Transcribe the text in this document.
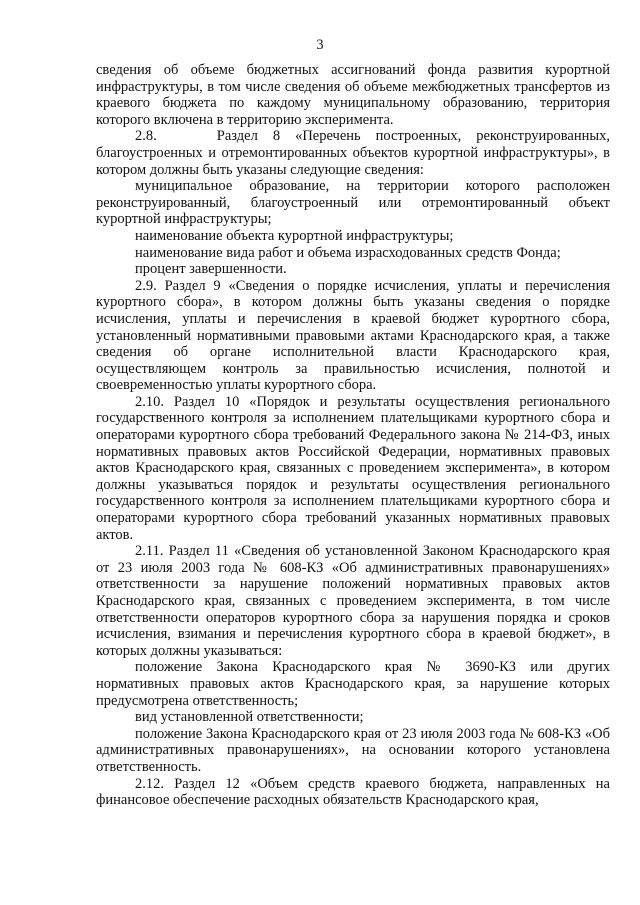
3

сведения об объеме бюджетных ассигнований фонда развития курортной инфраструктуры, в том числе сведения об объеме межбюджетных трансфертов из краевого бюджета по каждому муниципальному образованию, территория которого включена в территорию эксперимента.

2.8.    Раздел 8 «Перечень построенных, реконструированных, благоустроенных и отремонтированных объектов курортной инфраструктуры», в котором должны быть указаны следующие сведения:

муниципальное образование, на территории которого расположен реконструированный, благоустроенный или отремонтированный объект курортной инфраструктуры;

наименование объекта курортной инфраструктуры;

наименование вида работ и объема израсходованных средств Фонда;

процент завершенности.

2.9. Раздел 9 «Сведения о порядке исчисления, уплаты и перечисления курортного сбора», в котором должны быть указаны сведения о порядке исчисления, уплаты и перечисления в краевой бюджет курортного сбора, установленный нормативными правовыми актами Краснодарского края, а также сведения об органе исполнительной власти Краснодарского края, осуществляющем контроль за правильностью исчисления, полнотой и своевременностью уплаты курортного сбора.

2.10. Раздел 10 «Порядок и результаты осуществления регионального государственного контроля за исполнением плательщиками курортного сбора и операторами курортного сбора требований Федерального закона № 214-ФЗ, иных нормативных правовых актов Российской Федерации, нормативных правовых актов Краснодарского края, связанных с проведением эксперимента», в котором должны указываться порядок и результаты осуществления регионального государственного контроля за исполнением плательщиками курортного сбора и операторами курортного сбора требований указанных нормативных правовых актов.

2.11. Раздел 11 «Сведения об установленной Законом Краснодарского края от 23 июля 2003 года № 608-КЗ «Об административных правонарушениях» ответственности за нарушение положений нормативных правовых актов Краснодарского края, связанных с проведением эксперимента, в том числе ответственности операторов курортного сбора за нарушения порядка и сроков исчисления, взимания и перечисления курортного сбора в краевой бюджет», в которых должны указываться:

положение Закона Краснодарского края № 3690-КЗ или других нормативных правовых актов Краснодарского края, за нарушение которых предусмотрена ответственность;

вид установленной ответственности;

положение Закона Краснодарского края от 23 июля 2003 года № 608-КЗ «Об административных правонарушениях», на основании которого установлена ответственность.

2.12. Раздел 12 «Объем средств краевого бюджета, направленных на финансовое обеспечение расходных обязательств Краснодарского края,
